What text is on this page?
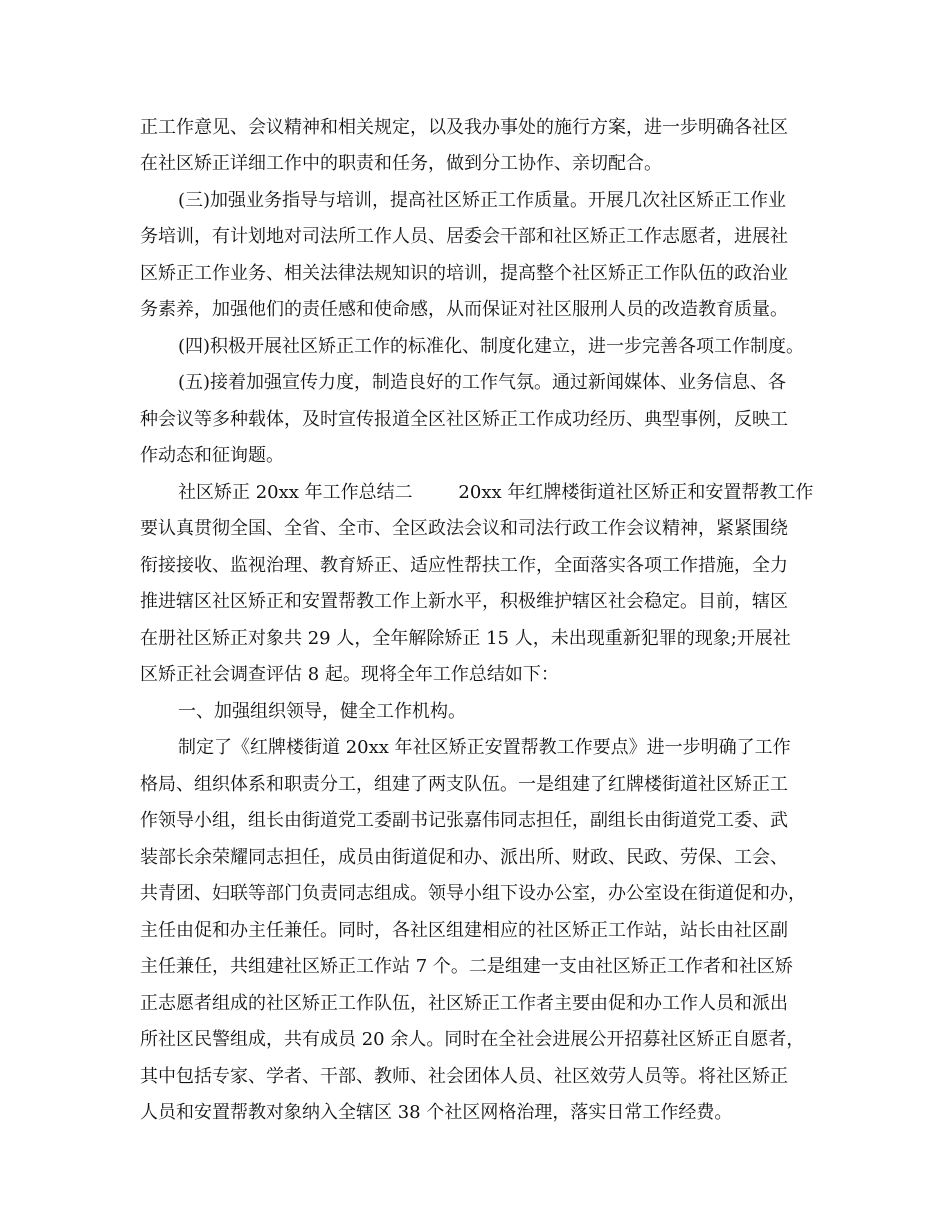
正工作意见、会议精神和相关规定，以及我办事处的施行方案，进一步明确各社区
在社区矫正详细工作中的职责和任务，做到分工协作、亲切配合。
(三)加强业务指导与培训，提高社区矫正工作质量。开展几次社区矫正工作业
务培训，有计划地对司法所工作人员、居委会干部和社区矫正工作志愿者，进展社
区矫正工作业务、相关法律法规知识的培训，提高整个社区矫正工作队伍的政治业
务素养，加强他们的责任感和使命感，从而保证对社区服刑人员的改造教育质量。
(四)积极开展社区矫正工作的标准化、制度化建立，进一步完善各项工作制度。
(五)接着加强宣传力度，制造良好的工作气氛。通过新闻媒体、业务信息、各
种会议等多种载体，及时宣传报道全区社区矫正工作成功经历、典型事例，反映工
作动态和征询题。
社区矫正 20xx 年工作总结二        20xx 年红牌楼街道社区矫正和安置帮教工作
要认真贯彻全国、全省、全市、全区政法会议和司法行政工作会议精神，紧紧围绕
衔接接收、监视治理、教育矫正、适应性帮扶工作，全面落实各项工作措施，全力
推进辖区社区矫正和安置帮教工作上新水平，积极维护辖区社会稳定。目前，辖区
在册社区矫正对象共 29 人，全年解除矫正 15 人，未出现重新犯罪的现象;开展社
区矫正社会调查评估 8 起。现将全年工作总结如下：
一、加强组织领导，健全工作机构。
制定了《红牌楼街道 20xx 年社区矫正安置帮教工作要点》进一步明确了工作
格局、组织体系和职责分工，组建了两支队伍。一是组建了红牌楼街道社区矫正工
作领导小组，组长由街道党工委副书记张嘉伟同志担任，副组长由街道党工委、武
装部长余荣耀同志担任，成员由街道促和办、派出所、财政、民政、劳保、工会、
共青团、妇联等部门负责同志组成。领导小组下设办公室，办公室设在街道促和办，
主任由促和办主任兼任。同时，各社区组建相应的社区矫正工作站，站长由社区副
主任兼任，共组建社区矫正工作站 7 个。二是组建一支由社区矫正工作者和社区矫
正志愿者组成的社区矫正工作队伍，社区矫正工作者主要由促和办工作人员和派出
所社区民警组成，共有成员 20 余人。同时在全社会进展公开招募社区矫正自愿者，
其中包括专家、学者、干部、教师、社会团体人员、社区效劳人员等。将社区矫正
人员和安置帮教对象纳入全辖区 38 个社区网格治理，落实日常工作经费。
